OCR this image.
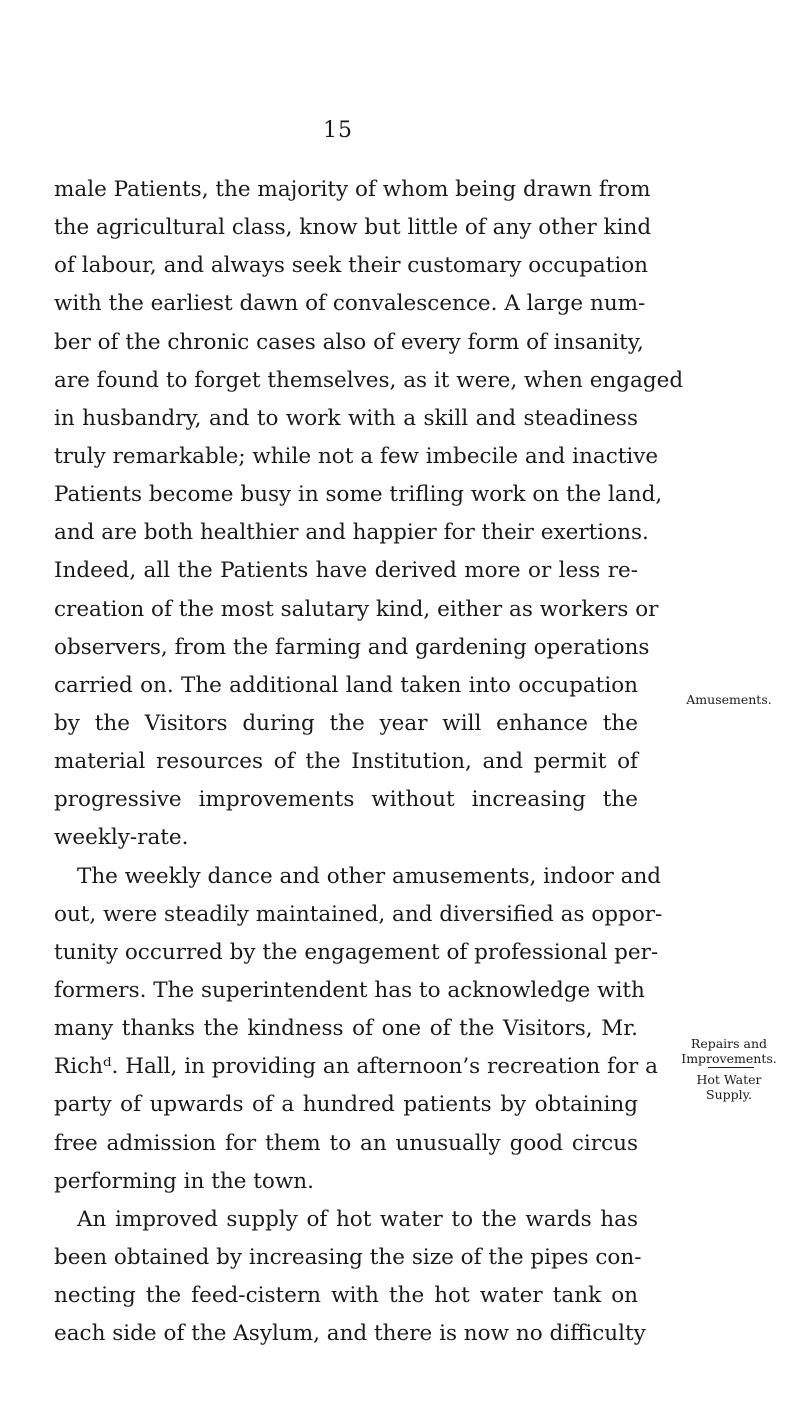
15
male Patients, the majority of whom being drawn from
the agricultural class, know but little of any other kind
of labour, and always seek their customary occupation
with the earliest dawn of convalescence. A large num-
ber of the chronic cases also of every form of insanity,
are found to forget themselves, as it were, when engaged
in husbandry, and to work with a skill and steadiness
truly remarkable; while not a few imbecile and inactive
Patients become busy in some trifling work on the land,
and are both healthier and happier for their exertions.
Indeed, all the Patients have derived more or less re-
creation of the most salutary kind, either as workers or
observers, from the farming and gardening operations
carried on. The additional land taken into occupation
by the Visitors during the year will enhance the
material resources of the Institution, and permit of
progressive improvements without increasing the
weekly-rate.
The weekly dance and other amusements, indoor and
out, were steadily maintained, and diversified as oppor-
tunity occurred by the engagement of professional per-
formers. The superintendent has to acknowledge with
many thanks the kindness of one of the Visitors, Mr.
Richᵈ. Hall, in providing an afternoon’s recreation for a
party of upwards of a hundred patients by obtaining
free admission for them to an unusually good circus
performing in the town.
An improved supply of hot water to the wards has
been obtained by increasing the size of the pipes con-
necting the feed-cistern with the hot water tank on
each side of the Asylum, and there is now no difficulty
Amusements.
Repairs and
Improvements.
Hot Water
Supply.
